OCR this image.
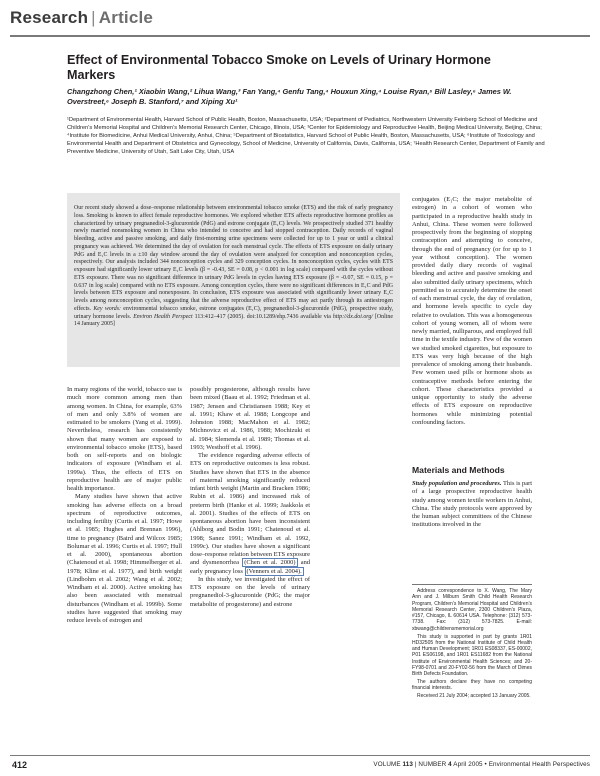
Research | Article
Effect of Environmental Tobacco Smoke on Levels of Urinary Hormone Markers
Changzhong Chen,¹ Xiaobin Wang,² Lihua Wang,³ Fan Yang,⁴ Genfu Tang,⁴ Houxun Xing,⁴ Louise Ryan,⁵ Bill Lasley,⁶ James W. Overstreet,⁶ Joseph B. Stanford,⁷ and Xiping Xu¹
¹Department of Environmental Health, Harvard School of Public Health, Boston, Massachusetts, USA; ²Department of Pediatrics, Northwestern University Feinberg School of Medicine and Children’s Memorial Hospital and Children’s Memorial Research Center, Chicago, Illinois, USA; ³Center for Epidemiology and Reproductive Health, Beijing Medical University, Beijing, China; ⁴Institute for Biomedicine, Anhui Medical University, Anhui, China; ⁵Department of Biostatistics, Harvard School of Public Health, Boston, Massachusetts, USA; ⁶Institute of Toxicology and Environmental Health and Department of Obstetrics and Gynecology, School of Medicine, University of California, Davis, California, USA; ⁷Health Research Center, Department of Family and Preventive Medicine, University of Utah, Salt Lake City, Utah, USA
Our recent study showed a dose–response relationship between environmental tobacco smoke (ETS) and the risk of early pregnancy loss. Smoking is known to affect female reproductive hormones. We explored whether ETS affects reproductive hormone profiles as characterized by urinary pregnanediol-3-glucuronide (PdG) and estrone conjugate (E₁C) levels. We prospectively studied 371 healthy newly married nonsmoking women in China who intended to conceive and had stopped contraception. Daily records of vaginal bleeding, active and passive smoking, and daily first-morning urine specimens were collected for up to 1 year or until a clinical pregnancy was achieved. We determined the day of ovulation for each menstrual cycle. The effects of ETS exposure on daily urinary PdG and E₁C levels in a ±10 day window around the day of ovulation were analyzed for conception and nonconception cycles, respectively. Our analysis included 344 nonconception cycles and 329 conception cycles. In nonconception cycles, cycles with ETS exposure had significantly lower urinary E₁C levels (β = -0.43, SE = 0.08, p < 0.001 in log scale) compared with the cycles without ETS exposure. There was no significant difference in urinary PdG levels in cycles having ETS exposure (β = -0.07, SE = 0.15, p = 0.637 in log scale) compared with no ETS exposure. Among conception cycles, there were no significant differences in E₁C and PdG levels between ETS exposure and nonexposure. In conclusion, ETS exposure was associated with significantly lower urinary E₁C levels among nonconception cycles, suggesting that the adverse reproductive effect of ETS may act partly through its antiestrogen effects. Key words: environmental tobacco smoke, estrone conjugates (E₁C), pregnanediol-3-glucuronide (PdG), prospective study, urinary hormone levels. Environ Health Perspect 113:412–417 (2005). doi:10.1289/ehp.7436 available via http://dx.doi.org/ [Online 14 January 2005]

conjugates (E₁C; the major metabolite of estrogen) in a cohort of women who participated in a reproductive health study in Anhui, China. These women were followed prospectively from the beginning of stopping contraception and attempting to conceive, through the end of pregnancy (or for up to 1 year without conception). The women provided daily diary records of vaginal bleeding and active and passive smoking and also submitted daily urinary specimens, which permitted us to accurately determine the onset of each menstrual cycle, the day of ovulation, and hormone levels specific to cycle day relative to ovulation. This was a homogeneous cohort of young women, all of whom were newly married, nulliparous, and employed full time in the textile industry. Few of the women we studied smoked cigarettes, but exposure to ETS was very high because of the high prevalence of smoking among their husbands. Few women used pills or hormone shots as contraceptive methods before entering the cohort. These characteristics provided a unique opportunity to study the adverse effects of ETS exposure on reproductive hormones while minimizing potential confounding factors.

Materials and Methods

Study population and procedures. This is part of a large prospective reproductive health study among women textile workers in Anhui, China. The study protocols were approved by the human subject committees of the Chinese institutions involved in the

In many regions of the world, tobacco use is much more common among men than among women. In China, for example, 63% of men and only 3.8% of women are estimated to be smokers (Yang et al. 1999). Nevertheless, research has consistently shown that many women are exposed to environmental tobacco smoke (ETS), based both on self-reports and on biologic indicators of exposure (Windham et al. 1999a). Thus, the effects of ETS on reproductive health are of major public health importance.

Many studies have shown that active smoking has adverse effects on a broad spectrum of reproductive outcomes, including fertility (Curtis et al. 1997; Howe et al. 1985; Hughes and Brennan 1996), time to pregnancy (Baird and Wilcox 1985; Bolumar et al. 1996; Curtis et al. 1997; Hull et al. 2000), spontaneous abortion (Chatenoud et al. 1998; Himmelberger et al. 1978; Kline et al. 1977), and birth weight (Lindbohm et al. 2002; Wang et al. 2002; Windham et al. 2000). Active smoking has also been associated with menstrual disturbances (Windham et al. 1999b). Some studies have suggested that smoking may reduce levels of estrogen and

possibly progesterone, although results have been mixed (Baau et al. 1992; Friedman et al. 1987; Jensen and Christiansen 1988; Key et al. 1991; Khaw et al. 1988; Longcope and Johnston 1988; MacMahon et al. 1982; Michnovicz et al. 1986, 1988; Mochizuki et al. 1984; Slemenda et al. 1989; Thomas et al. 1993; Westhoff et al. 1996).

The evidence regarding adverse effects of ETS on reproductive outcomes is less robust. Studies have shown that ETS in the absence of maternal smoking significantly reduced infant birth weight (Martin and Bracken 1986; Rubin et al. 1986) and increased risk of preterm birth (Hanke et al. 1999; Jaakkola et al. 2001). Studies of the effects of ETS on spontaneous abortion have been inconsistent (Ahlborg and Bodin 1991; Chatenoud et al. 1998; Sanez 1991; Windham et al. 1992, 1999c). Our studies have shown a significant dose–response relation between ETS exposure and dysmenorrhea (Chen et al. 2000) and early pregnancy loss (Venners et al. 2004).

In this study, we investigated the effect of ETS exposure on the levels of urinary pregnanediol-3-glucuronide (PdG; the major metabolite of progesterone) and estrone

Address correspondence to X. Wang, The Mary Ann and J. Milburn Smith Child Health Research Program, Children’s Memorial Hospital and Children’s Memorial Research Center, 2300 Children’s Plaza, #157, Chicago, IL 60614 USA. Telephone: (312) 573-7738. Fax: (312) 573-7825. E-mail: xbwang@childrensmemorial.org

This study is supported in part by grants 1R01 HD32505 from the National Institute of Child Health and Human Development; 1R01 ES08337, ES-00002, P01 ES06198, and 1R01 ES11682 from the National Institute of Environmental Health Sciences; and 20-FY98-0701 and 20-FY02-56 from the March of Dimes Birth Defects Foundation.

The authors declare they have no competing financial interests.

Received 21 July 2004; accepted 13 January 2005.

412	VOLUME 113 | NUMBER 4 April 2005 • Environmental Health Perspectives
